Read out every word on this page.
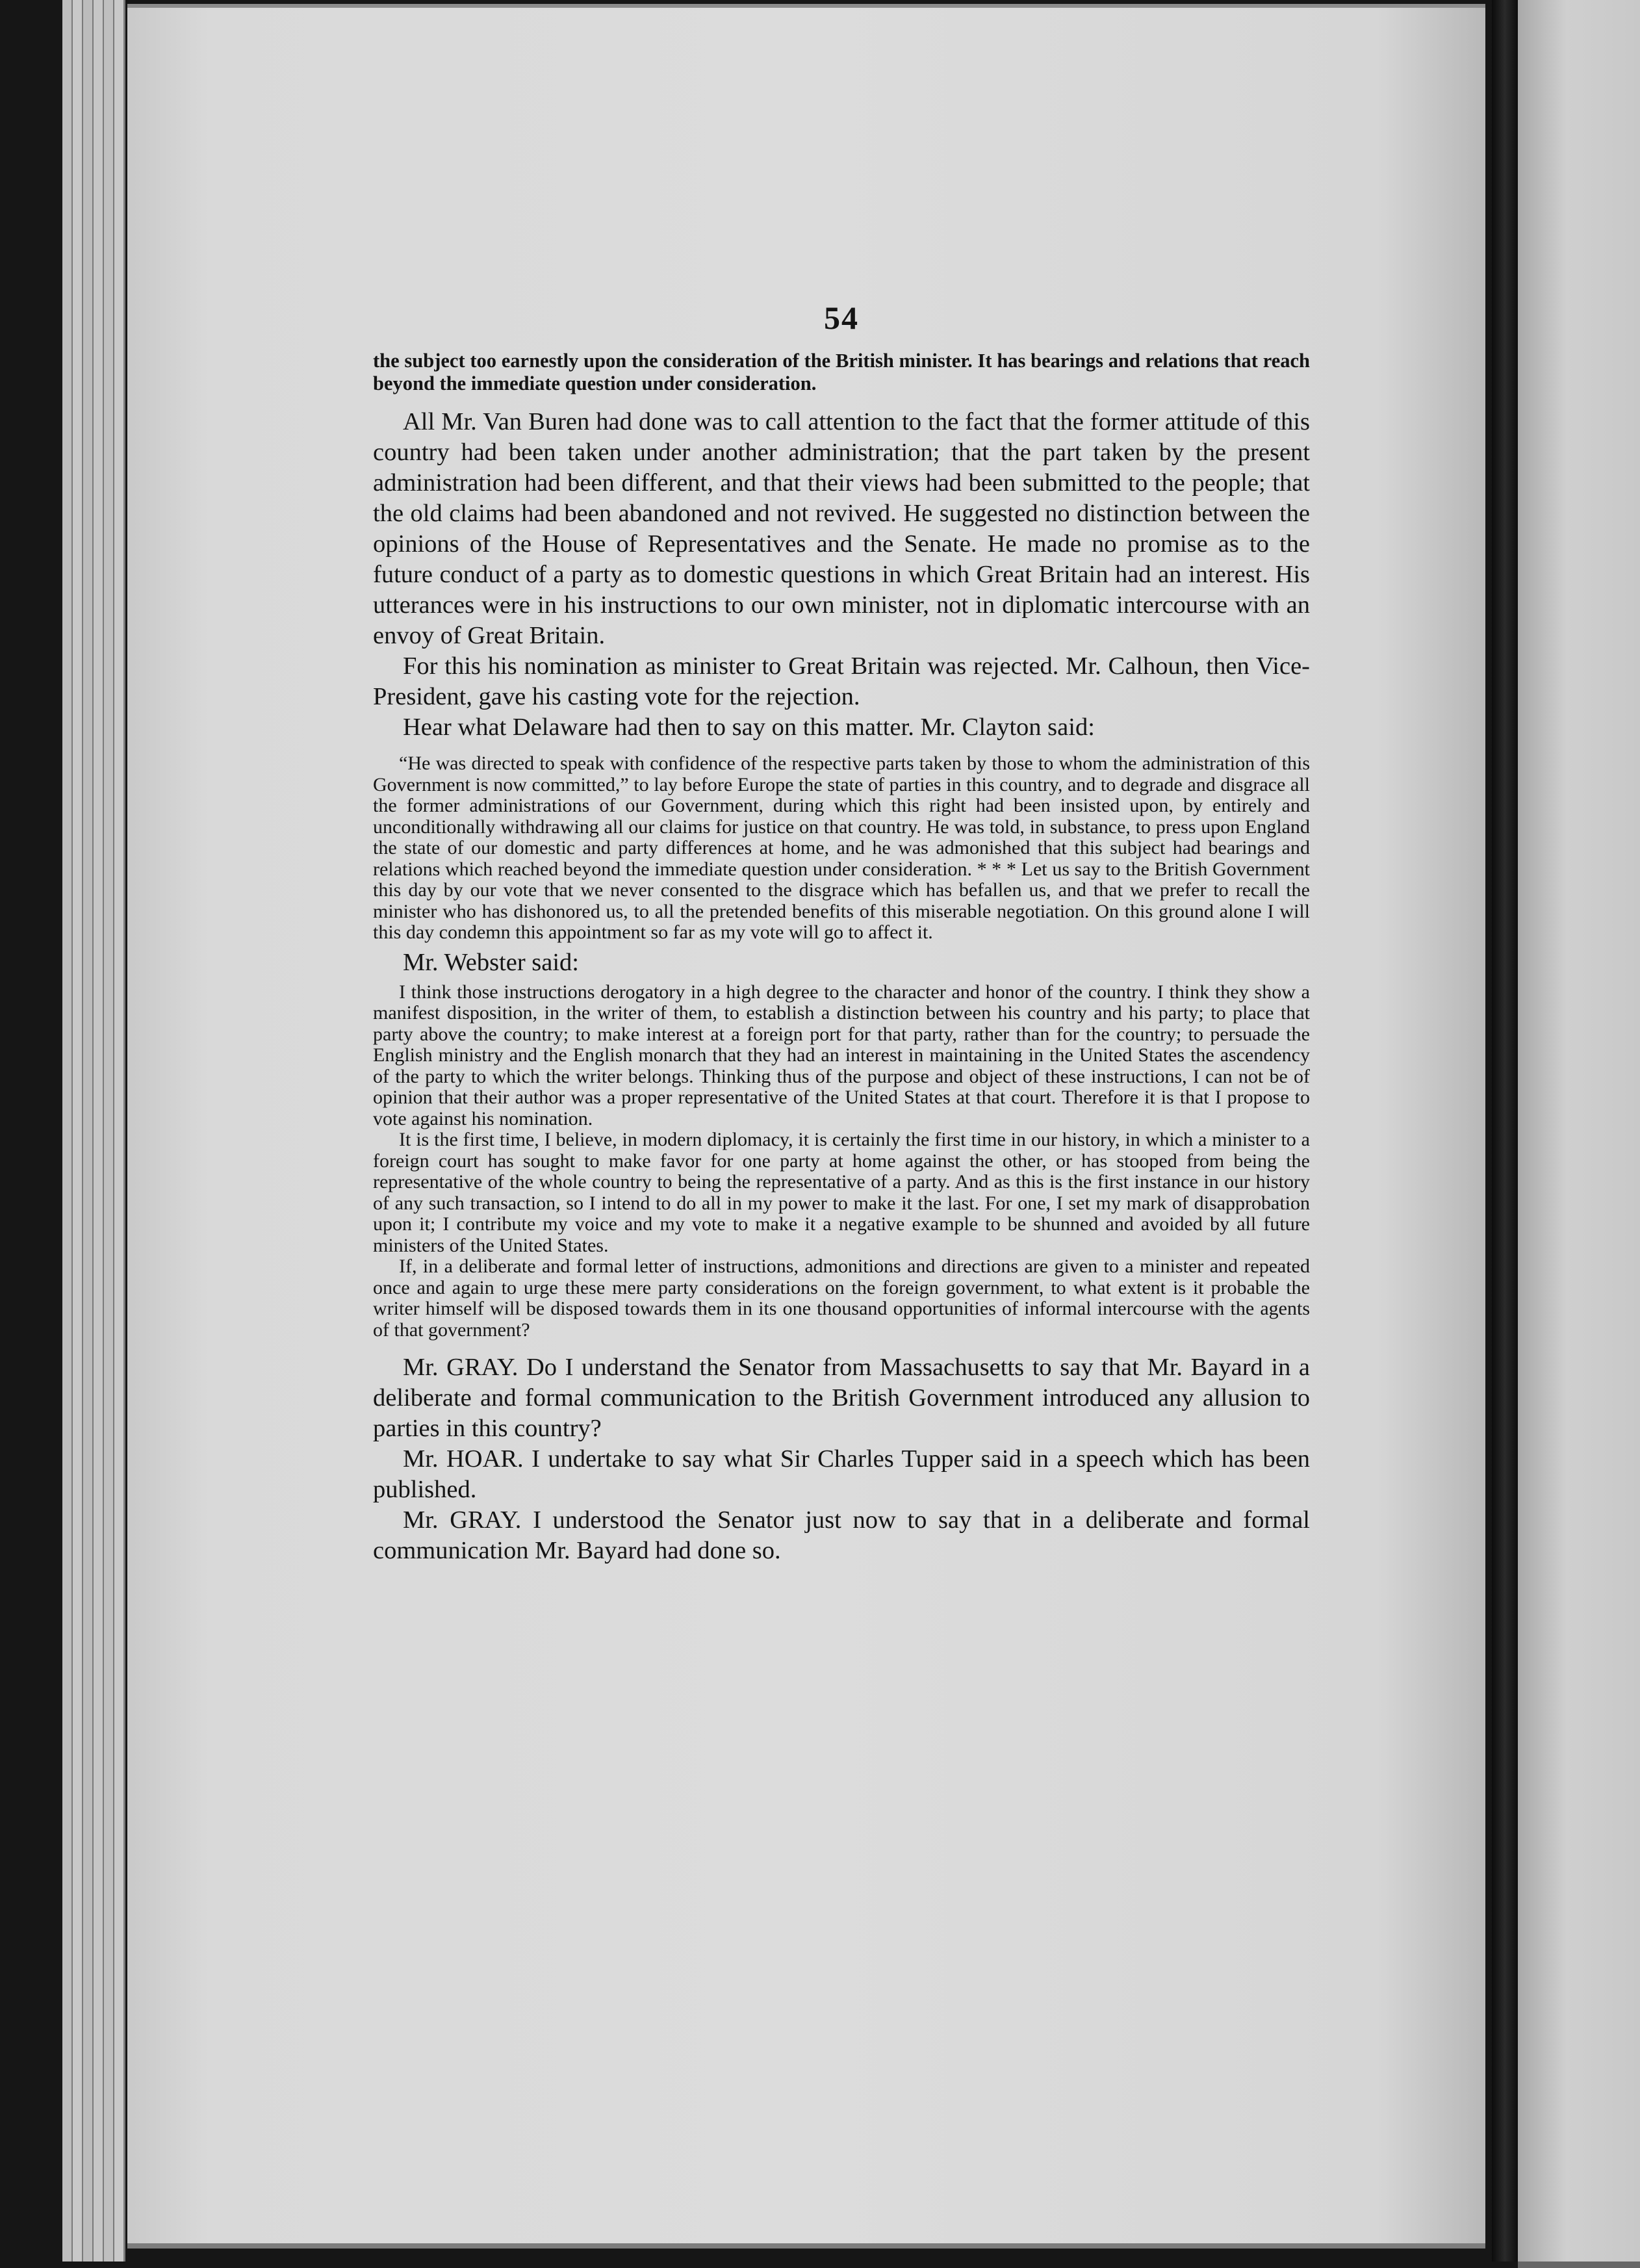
54

the subject too earnestly upon the consideration of the British minister. It has bearings and relations that reach beyond the immediate question under consideration.

All Mr. Van Buren had done was to call attention to the fact that the former attitude of this country had been taken under another administration; that the part taken by the present administration had been different, and that their views had been submitted to the people; that the old claims had been abandoned and not revived. He suggested no distinction between the opinions of the House of Representatives and the Senate. He made no promise as to the future conduct of a party as to domestic questions in which Great Britain had an interest. His utterances were in his instructions to our own minister, not in diplomatic intercourse with an envoy of Great Britain.

For this his nomination as minister to Great Britain was rejected. Mr. Calhoun, then Vice-President, gave his casting vote for the rejection.

Hear what Delaware had then to say on this matter. Mr. Clayton said:

“He was directed to speak with confidence of the respective parts taken by those to whom the administration of this Government is now committed,” to lay before Europe the state of parties in this country, and to degrade and disgrace all the former administrations of our Government, during which this right had been insisted upon, by entirely and unconditionally withdrawing all our claims for justice on that country. He was told, in substance, to press upon England the state of our domestic and party differences at home, and he was admonished that this subject had bearings and relations which reached beyond the immediate question under consideration. * * * Let us say to the British Government this day by our vote that we never consented to the disgrace which has befallen us, and that we prefer to recall the minister who has dishonored us, to all the pretended benefits of this miserable negotiation. On this ground alone I will this day condemn this appointment so far as my vote will go to affect it.

Mr. Webster said:

I think those instructions derogatory in a high degree to the character and honor of the country. I think they show a manifest disposition, in the writer of them, to establish a distinction between his country and his party; to place that party above the country; to make interest at a foreign port for that party, rather than for the country; to persuade the English ministry and the English monarch that they had an interest in maintaining in the United States the ascendency of the party to which the writer belongs. Thinking thus of the purpose and object of these instructions, I can not be of opinion that their author was a proper representative of the United States at that court. Therefore it is that I propose to vote against his nomination.

It is the first time, I believe, in modern diplomacy, it is certainly the first time in our history, in which a minister to a foreign court has sought to make favor for one party at home against the other, or has stooped from being the representative of the whole country to being the representative of a party. And as this is the first instance in our history of any such transaction, so I intend to do all in my power to make it the last. For one, I set my mark of disapprobation upon it; I contribute my voice and my vote to make it a negative example to be shunned and avoided by all future ministers of the United States.

If, in a deliberate and formal letter of instructions, admonitions and directions are given to a minister and repeated once and again to urge these mere party considerations on the foreign government, to what extent is it probable the writer himself will be disposed towards them in its one thousand opportunities of informal intercourse with the agents of that government?

Mr. GRAY. Do I understand the Senator from Massachusetts to say that Mr. Bayard in a deliberate and formal communication to the British Government introduced any allusion to parties in this country?

Mr. HOAR. I undertake to say what Sir Charles Tupper said in a speech which has been published.

Mr. GRAY. I understood the Senator just now to say that in a deliberate and formal communication Mr. Bayard had done so.
